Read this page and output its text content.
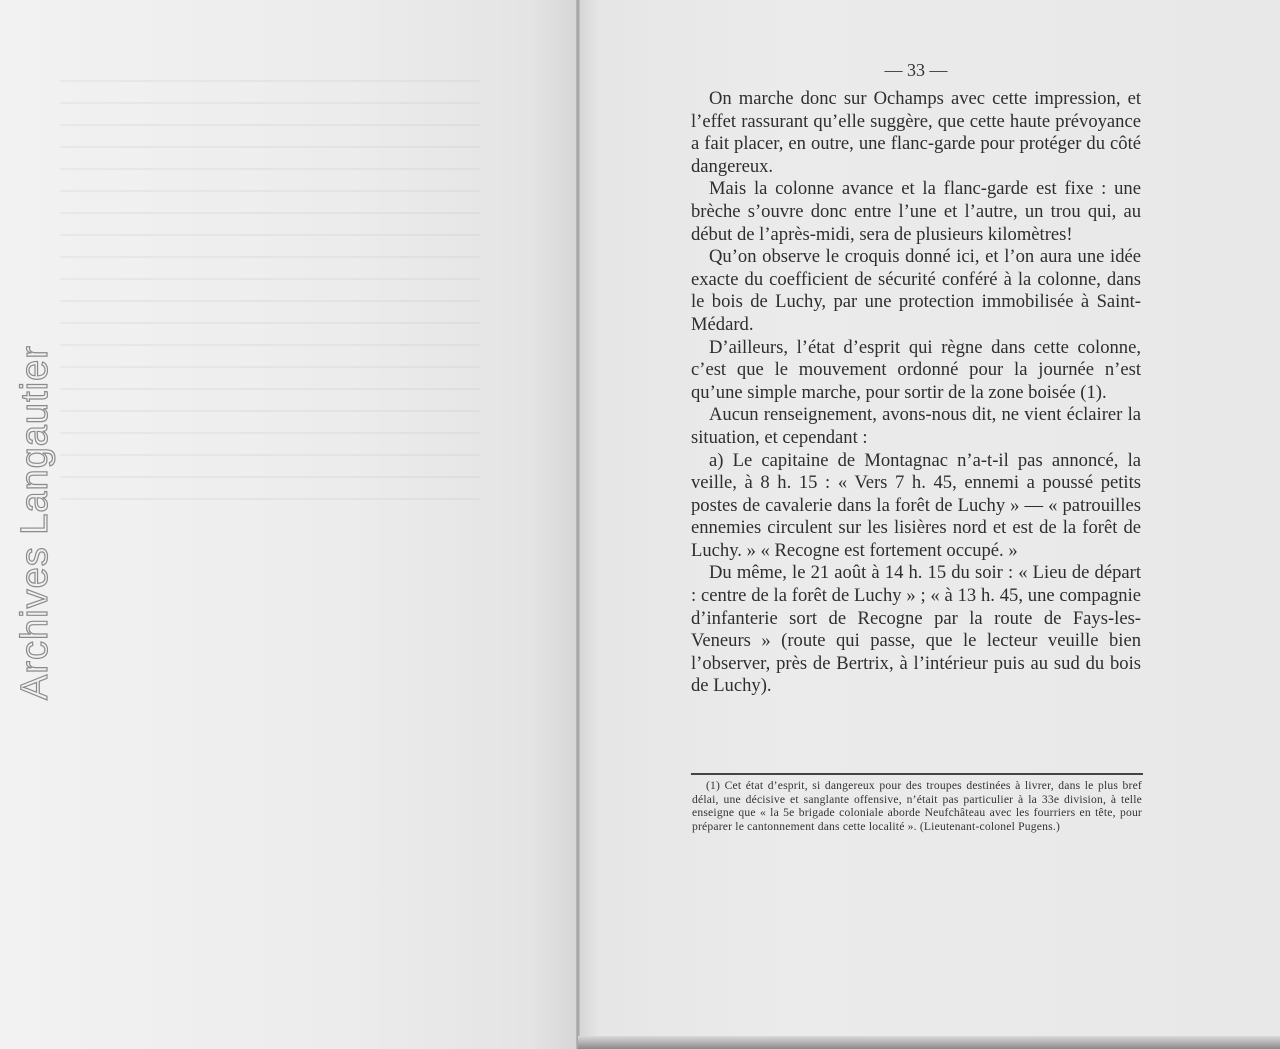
Archives Langautier
— 33 —

On marche donc sur Ochamps avec cette impression, et l’effet rassurant qu’elle suggère, que cette haute prévoyance a fait placer, en outre, une flanc-garde pour protéger du côté dangereux.

Mais la colonne avance et la flanc-garde est fixe : une brèche s’ouvre donc entre l’une et l’autre, un trou qui, au début de l’après-midi, sera de plusieurs kilomètres!

Qu’on observe le croquis donné ici, et l’on aura une idée exacte du coefficient de sécurité conféré à la colonne, dans le bois de Luchy, par une protection immobilisée à Saint-Médard.

D’ailleurs, l’état d’esprit qui règne dans cette colonne, c’est que le mouvement ordonné pour la journée n’est qu’une simple marche, pour sortir de la zone boisée (1).

Aucun renseignement, avons-nous dit, ne vient éclairer la situation, et cependant :

a) Le capitaine de Montagnac n’a-t-il pas annoncé, la veille, à 8 h. 15 : « Vers 7 h. 45, ennemi a poussé petits postes de cavalerie dans la forêt de Luchy » — « patrouilles ennemies circulent sur les lisières nord et est de la forêt de Luchy. » « Recogne est fortement occupé. »

Du même, le 21 août à 14 h. 15 du soir : « Lieu de départ : centre de la forêt de Luchy » ; « à 13 h. 45, une compagnie d’infanterie sort de Recogne par la route de Fays-les-Veneurs » (route qui passe, que le lecteur veuille bien l’observer, près de Bertrix, à l’intérieur puis au sud du bois de Luchy).

(1) Cet état d’esprit, si dangereux pour des troupes destinées à livrer, dans le plus bref délai, une décisive et sanglante offensive, n’était pas particulier à la 33e division, à telle enseigne que « la 5e brigade coloniale aborde Neufchâteau avec les fourriers en tête, pour préparer le cantonnement dans cette localité ». (Lieutenant-colonel Pugens.)
